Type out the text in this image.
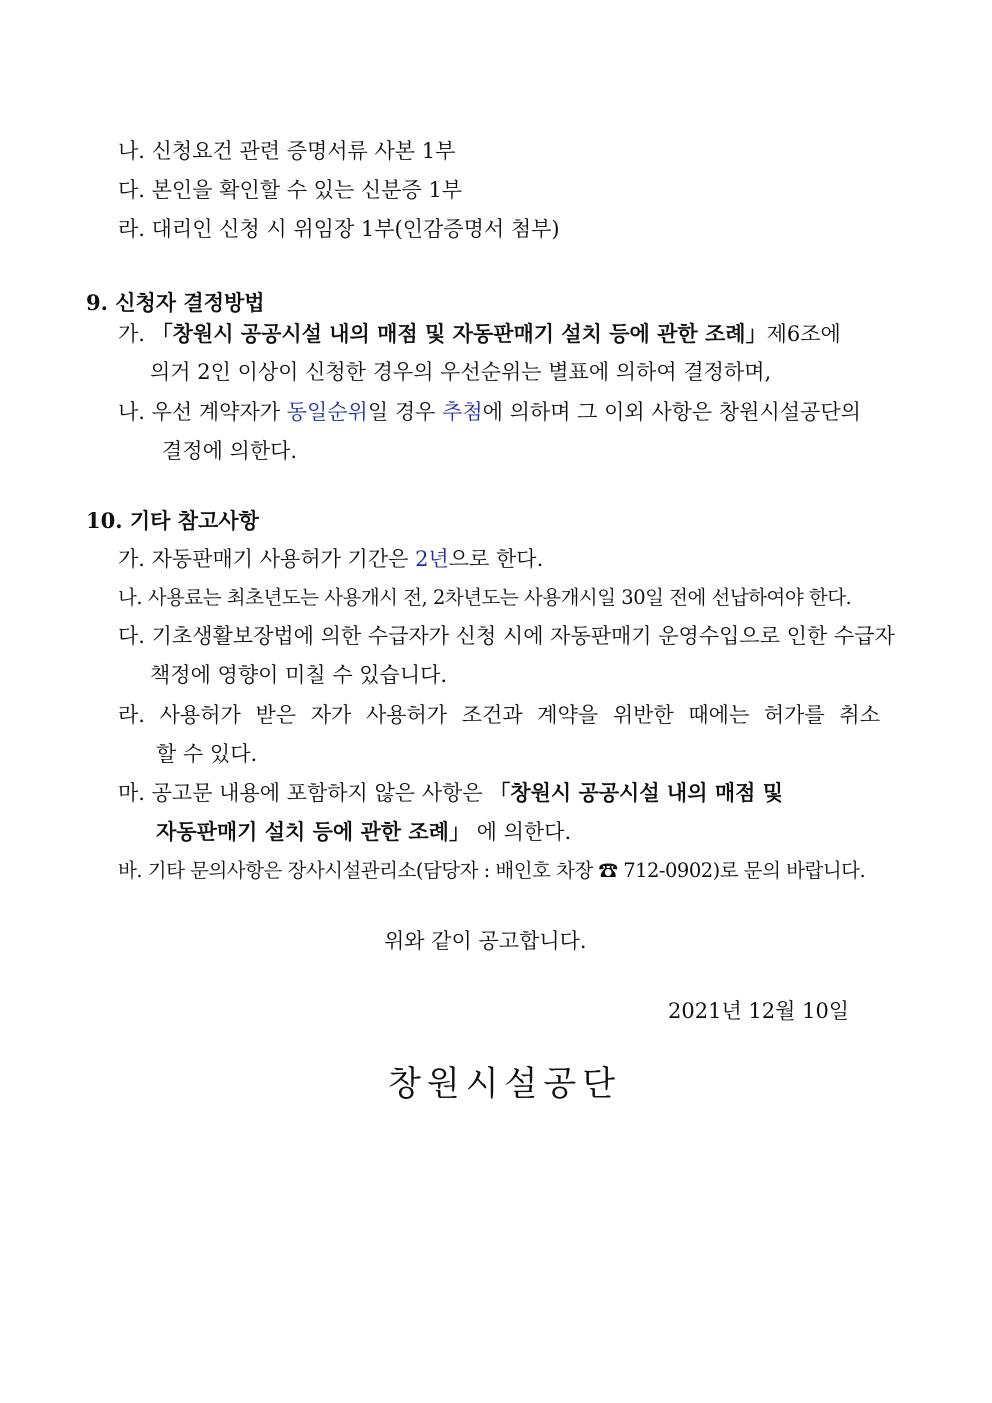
나. 신청요건 관련 증명서류 사본 1부
다. 본인을 확인할 수 있는 신분증 1부
라. 대리인 신청 시 위임장 1부(인감증명서 첨부)
9. 신청자 결정방법
가. 「창원시 공공시설 내의 매점 및 자동판매기 설치 등에 관한 조례」제6조에
의거 2인 이상이 신청한 경우의 우선순위는 별표에 의하여 결정하며,
나. 우선 계약자가 동일순위일 경우 추첨에 의하며 그 이외 사항은 창원시설공단의
결정에 의한다.
10. 기타 참고사항
가. 자동판매기 사용허가 기간은 2년으로 한다.
나. 사용료는 최초년도는 사용개시 전, 2차년도는 사용개시일 30일 전에 선납하여야 한다.
다. 기초생활보장법에 의한 수급자가 신청 시에 자동판매기 운영수입으로 인한 수급자
책정에 영향이 미칠 수 있습니다.
라. 사용허가 받은 자가 사용허가 조건과 계약을 위반한 때에는 허가를 취소
할 수 있다.
마. 공고문 내용에 포함하지 않은 사항은 「창원시 공공시설 내의 매점 및
자동판매기 설치 등에 관한 조례」 에 의한다.
바. 기타 문의사항은 장사시설관리소(담당자 : 배인호 차장 ☎ 712-0902)로 문의 바랍니다.
위와 같이 공고합니다.
2021년 12월 10일
창원시설공단
